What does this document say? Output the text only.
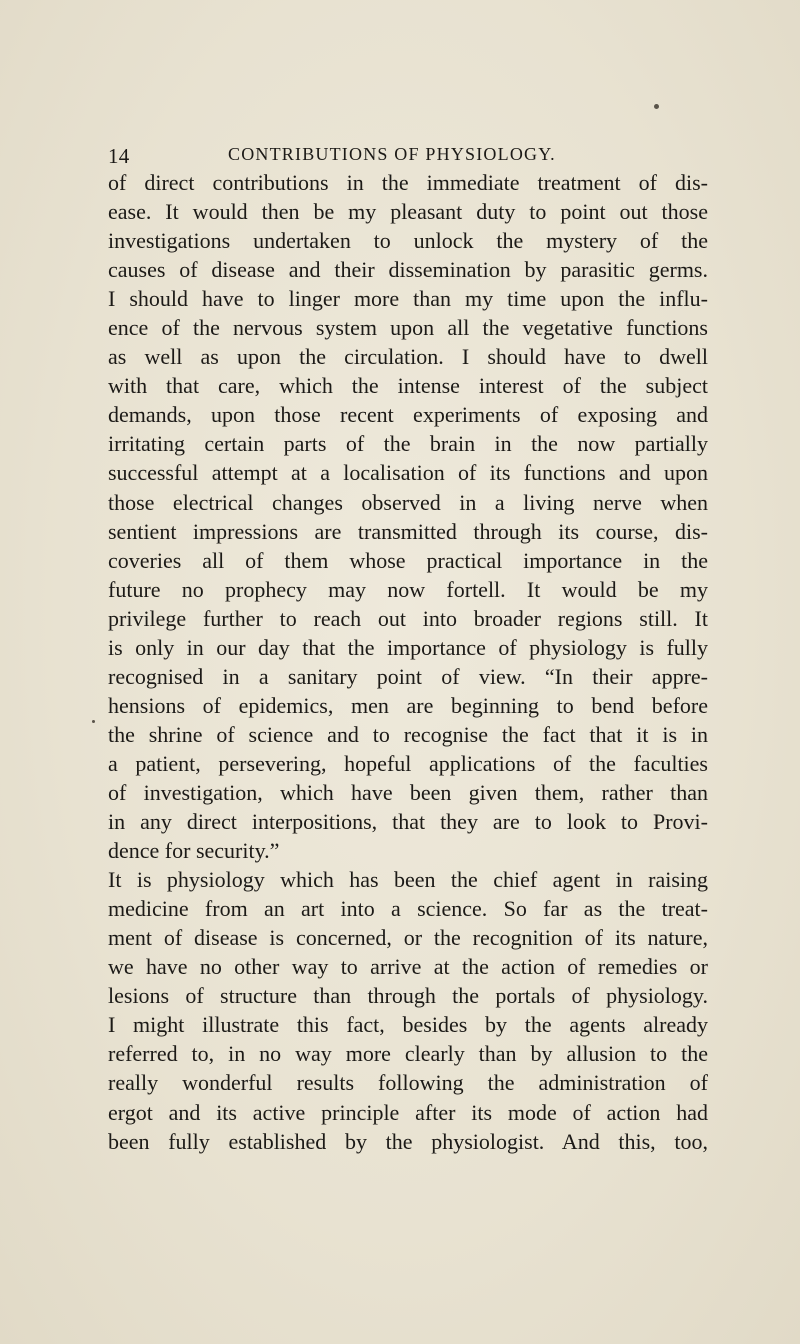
14	CONTRIBUTIONS OF PHYSIOLOGY.
of direct contributions in the immediate treatment of dis-
ease. It would then be my pleasant duty to point out those
investigations undertaken to unlock the mystery of the
causes of disease and their dissemination by parasitic germs.
I should have to linger more than my time upon the influ-
ence of the nervous system upon all the vegetative functions
as well as upon the circulation. I should have to dwell
with that care, which the intense interest of the subject
demands, upon those recent experiments of exposing and
irritating certain parts of the brain in the now partially
successful attempt at a localisation of its functions and upon
those electrical changes observed in a living nerve when
sentient impressions are transmitted through its course, dis-
coveries all of them whose practical importance in the
future no prophecy may now fortell. It would be my
privilege further to reach out into broader regions still. It
is only in our day that the importance of physiology is fully
recognised in a sanitary point of view. “In their appre-
hensions of epidemics, men are beginning to bend before
the shrine of science and to recognise the fact that it is in
a patient, persevering, hopeful applications of the faculties
of investigation, which have been given them, rather than
in any direct interpositions, that they are to look to Provi-
dence for security.”
It is physiology which has been the chief agent in raising
medicine from an art into a science. So far as the treat-
ment of disease is concerned, or the recognition of its nature,
we have no other way to arrive at the action of remedies or
lesions of structure than through the portals of physiology.
I might illustrate this fact, besides by the agents already
referred to, in no way more clearly than by allusion to the
really wonderful results following the administration of
ergot and its active principle after its mode of action had
been fully established by the physiologist. And this, too,
